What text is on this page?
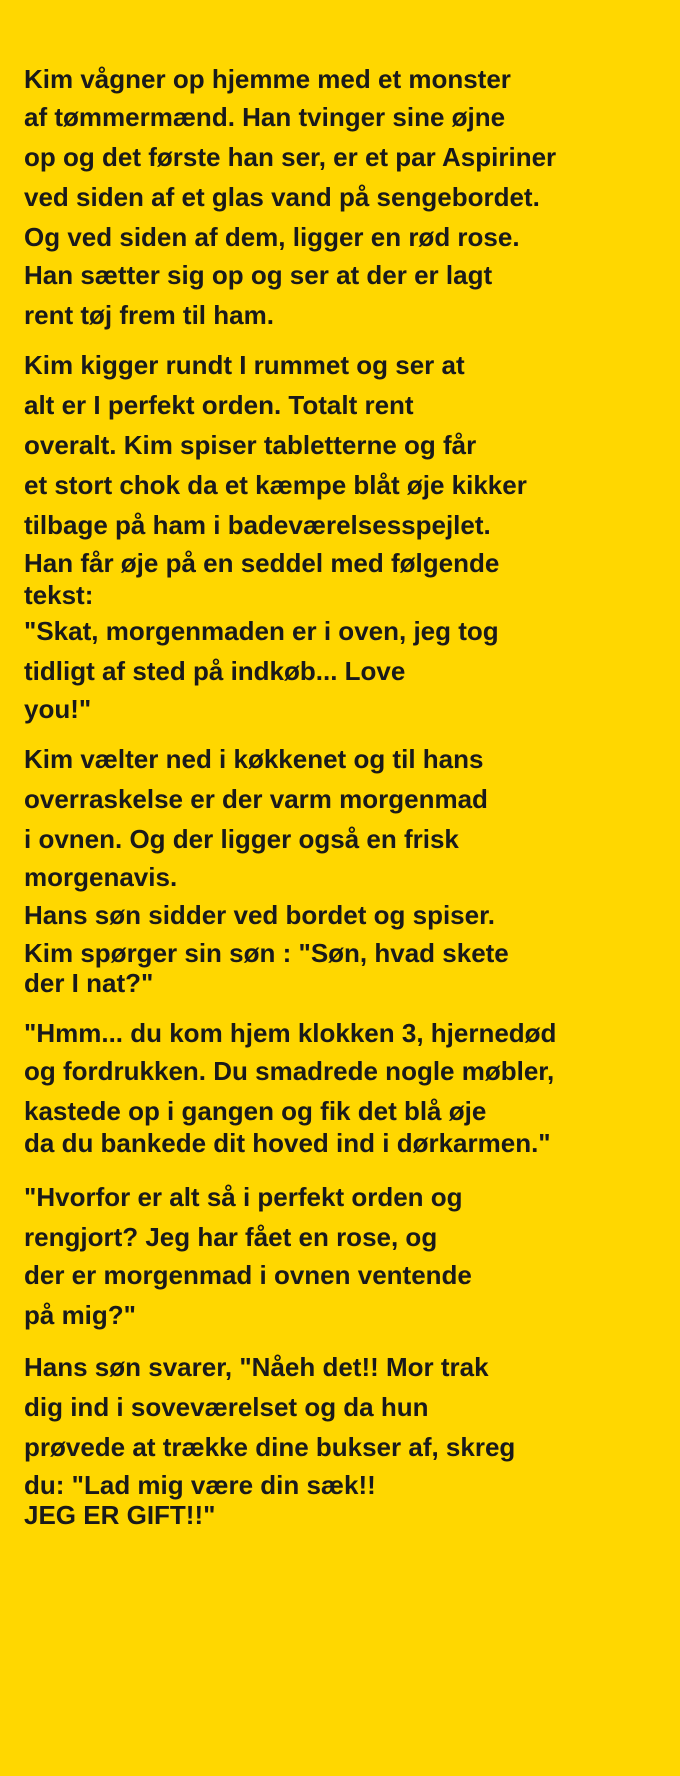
Kim vågner op hjemme med et monster
af tømmermænd. Han tvinger sine øjne
op og det første han ser, er et par Aspiriner
ved siden af et glas vand på sengebordet.
Og ved siden af dem, ligger en rød rose.
Han sætter sig op og ser at der er lagt
rent tøj frem til ham.
Kim kigger rundt I rummet og ser at
alt er I perfekt orden. Totalt rent
overalt. Kim spiser tabletterne og får
et stort chok da et kæmpe blåt øje kikker
tilbage på ham i badeværelsesspejlet.
Han får øje på en seddel med følgende
tekst:
"Skat, morgenmaden er i oven, jeg tog
tidligt af sted på indkøb... Love
you!"
Kim vælter ned i køkkenet og til hans
overraskelse er der varm morgenmad
i ovnen. Og der ligger også en frisk
morgenavis.
Hans søn sidder ved bordet og spiser.
Kim spørger sin søn : "Søn, hvad skete
der I nat?"
"Hmm... du kom hjem klokken 3, hjernedød
og fordrukken. Du smadrede nogle møbler,
kastede op i gangen og fik det blå øje
da du bankede dit hoved ind i dørkarmen."
"Hvorfor er alt så i perfekt orden og
rengjort? Jeg har fået en rose, og
der er morgenmad i ovnen ventende
på mig?"
Hans søn svarer, "Nåeh det!! Mor trak
dig ind i soveværelset og da hun
prøvede at trække dine bukser af, skreg
du: "Lad mig være din sæk!!
JEG ER GIFT!!"
